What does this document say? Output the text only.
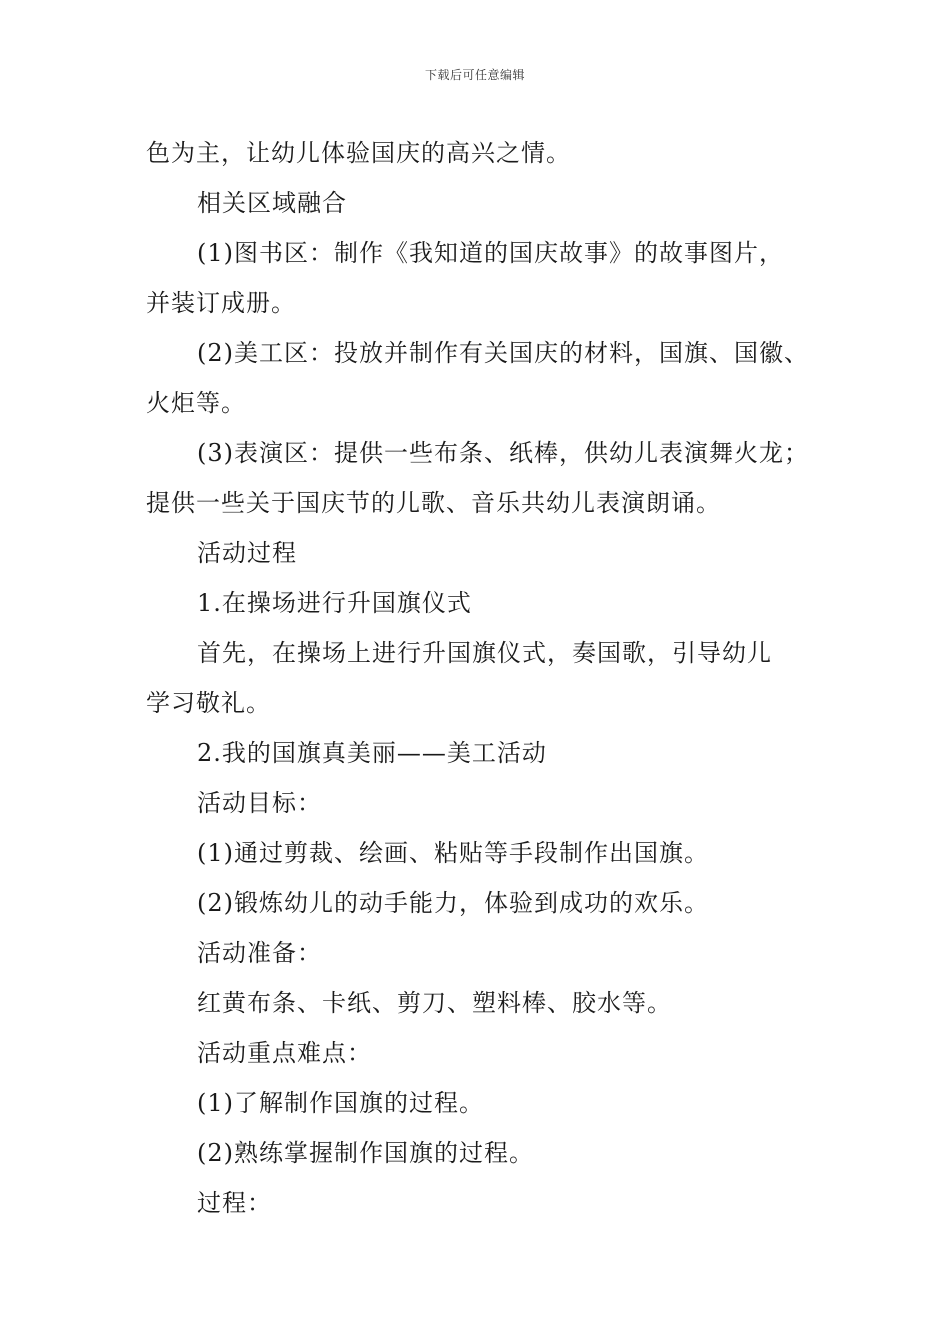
下载后可任意编辑
色为主，让幼儿体验国庆的高兴之情。
相关区域融合
(1)图书区：制作《我知道的国庆故事》的故事图片，
并装订成册。
(2)美工区：投放并制作有关国庆的材料，国旗、国徽、
火炬等。
(3)表演区：提供一些布条、纸棒，供幼儿表演舞火龙；
提供一些关于国庆节的儿歌、音乐共幼儿表演朗诵。
活动过程
1.在操场进行升国旗仪式
首先，在操场上进行升国旗仪式，奏国歌，引导幼儿
学习敬礼。
2.我的国旗真美丽——美工活动
活动目标：
(1)通过剪裁、绘画、粘贴等手段制作出国旗。
(2)锻炼幼儿的动手能力，体验到成功的欢乐。
活动准备：
红黄布条、卡纸、剪刀、塑料棒、胶水等。
活动重点难点：
(1)了解制作国旗的过程。
(2)熟练掌握制作国旗的过程。
过程：
